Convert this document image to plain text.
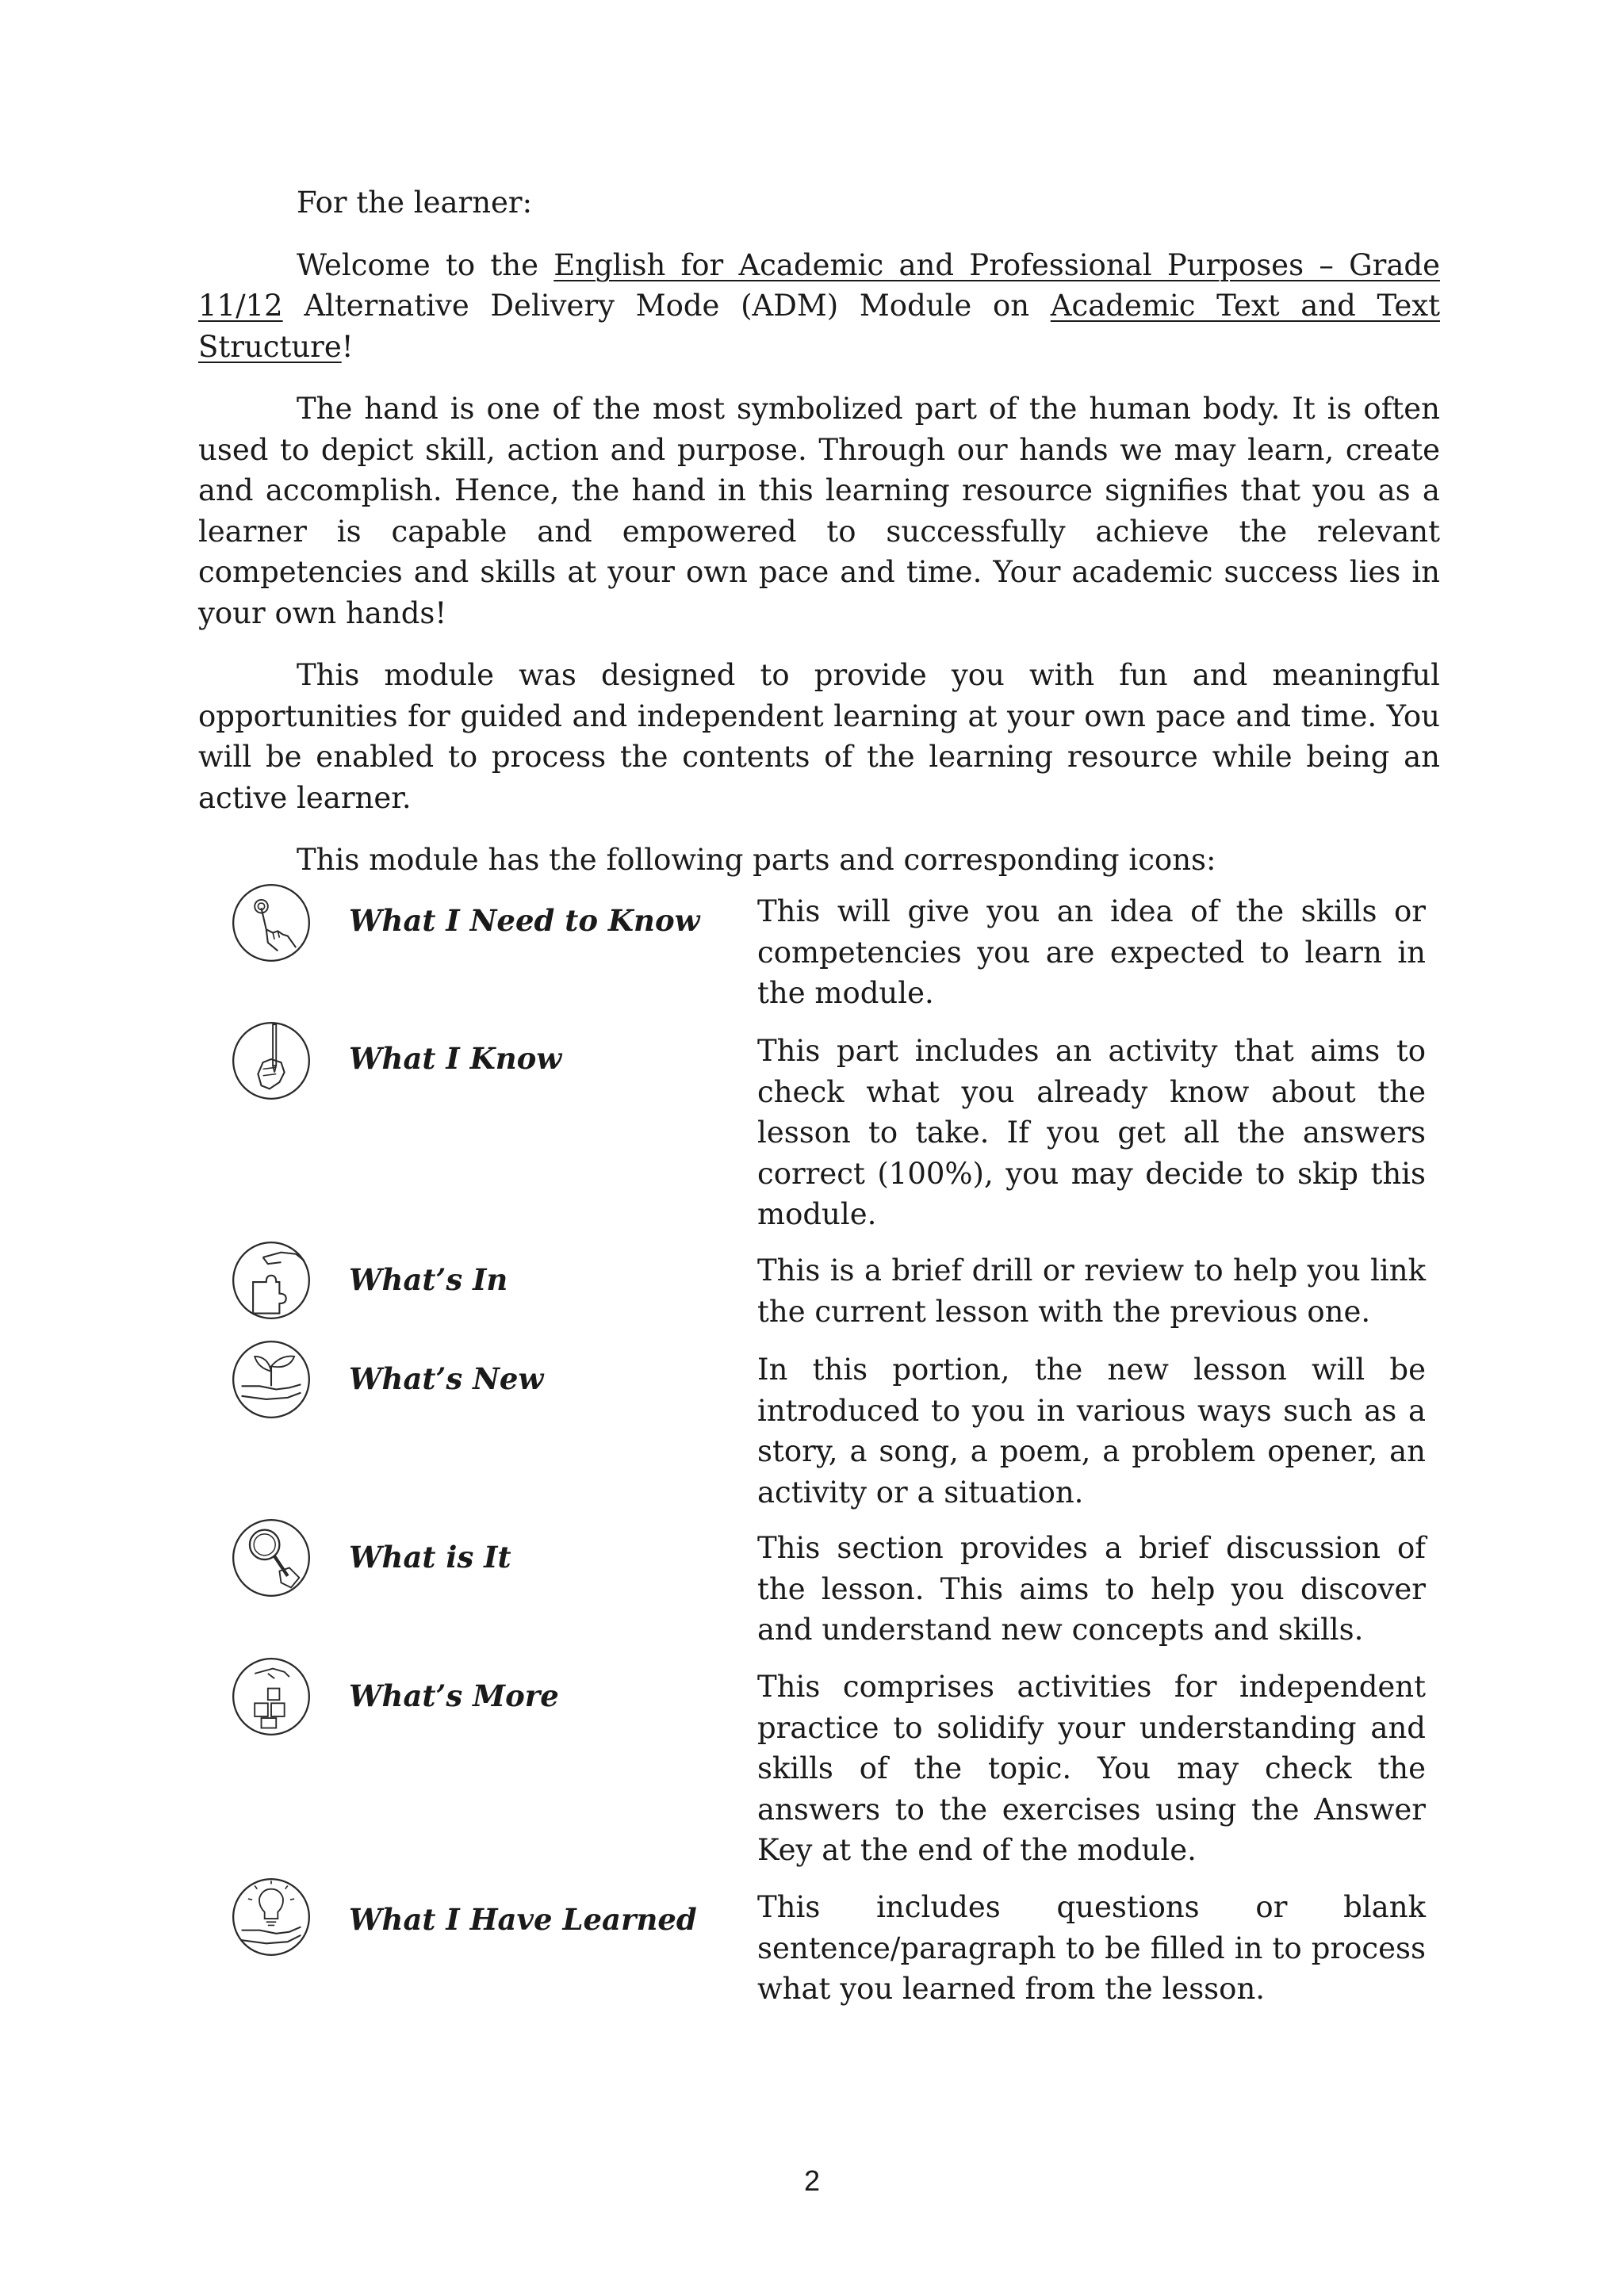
For the learner:

Welcome to the English for Academic and Professional Purposes – Grade 11/12 Alternative Delivery Mode (ADM) Module on Academic Text and Text Structure!

The hand is one of the most symbolized part of the human body. It is often used to depict skill, action and purpose. Through our hands we may learn, create and accomplish. Hence, the hand in this learning resource signifies that you as a learner is capable and empowered to successfully achieve the relevant competencies and skills at your own pace and time. Your academic success lies in your own hands!

This module was designed to provide you with fun and meaningful opportunities for guided and independent learning at your own pace and time. You will be enabled to process the contents of the learning resource while being an active learner.

This module has the following parts and corresponding icons:

What I Need to Know	This will give you an idea of the skills or competencies you are expected to learn in the module.
What I Know	This part includes an activity that aims to check what you already know about the lesson to take. If you get all the answers correct (100%), you may decide to skip this module.
What’s In	This is a brief drill or review to help you link the current lesson with the previous one.
What’s New	In this portion, the new lesson will be introduced to you in various ways such as a story, a song, a poem, a problem opener, an activity or a situation.
What is It	This section provides a brief discussion of the lesson. This aims to help you discover and understand new concepts and skills.
What’s More	This comprises activities for independent practice to solidify your understanding and skills of the topic. You may check the answers to the exercises using the Answer Key at the end of the module.
What I Have Learned	This includes questions or blank sentence/paragraph to be filled in to process what you learned from the lesson.
2
